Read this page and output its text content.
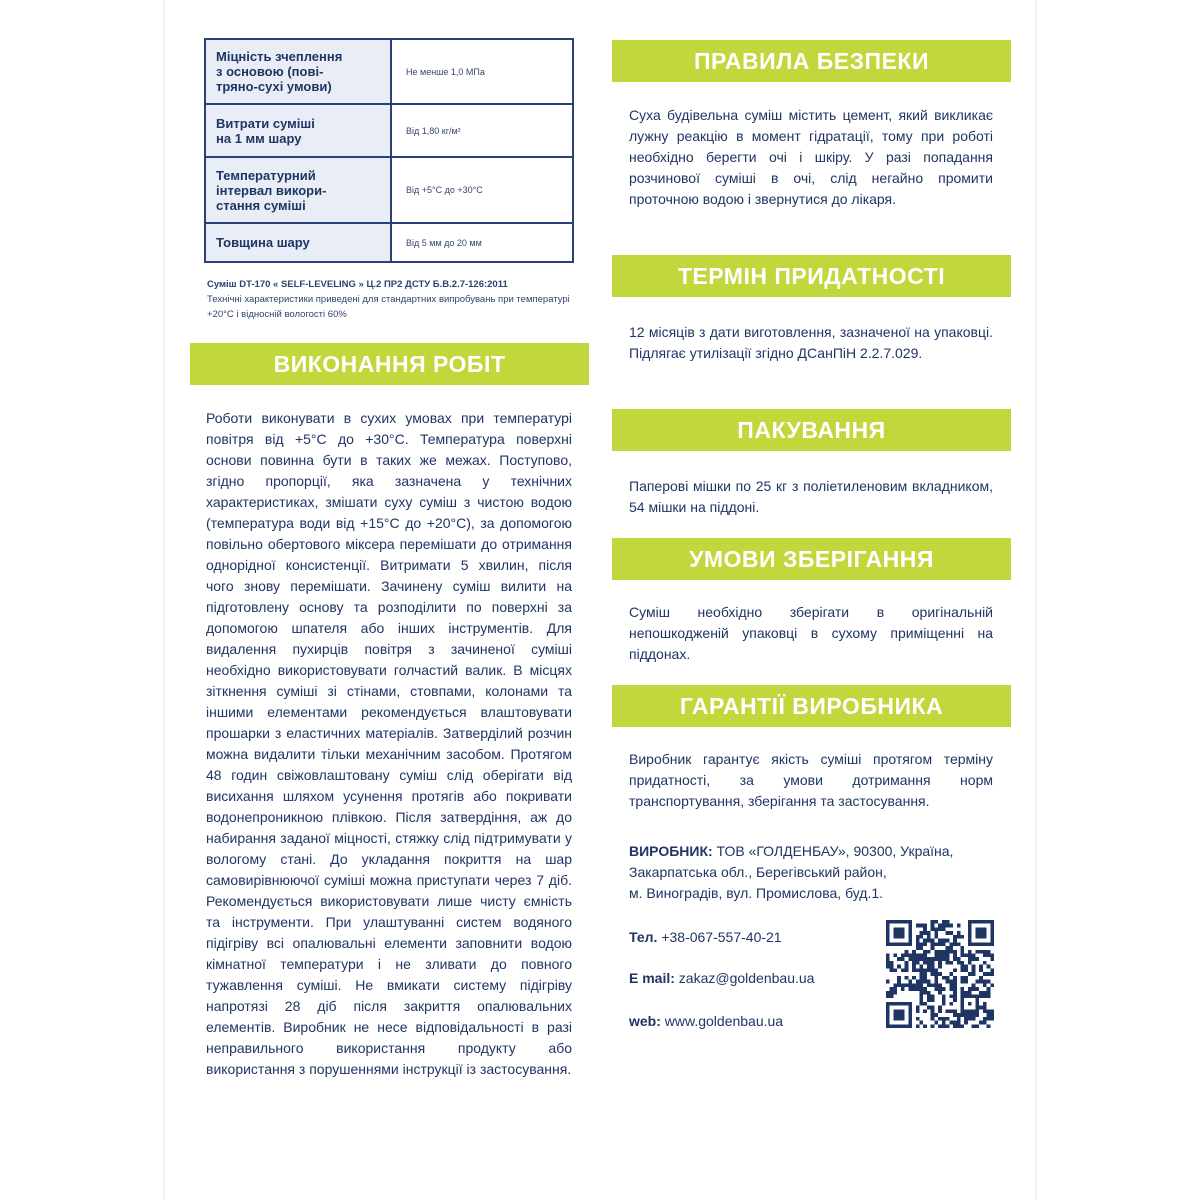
Міцність зчеплення
з основою (пові-
тряно-сухі умови)	Не менше 1,0 МПа
Витрати суміші
на 1 мм шару	Від 1,80 кг/м²
Температурний
інтервал викори-
стання суміші	Від +5°С до +30°С
Товщина шару	Від 5 мм до 20 мм
Суміш DT-170 « SELF-LEVELING » Ц.2 ПР2 ДСТУ Б.В.2.7-126:2011
Технічні характеристики приведені для стандартних випробувань при температурі +20°С і відносній вологості 60%
ВИКОНАННЯ РОБІТ
Роботи виконувати в сухих умовах при температурі повітря від +5°С до +30°С. Температура поверхні основи повинна бути в таких же межах. Поступово, згідно пропорції, яка зазначена у технічних характеристиках, змішати суху суміш з чистою водою (температура води від +15°С до +20°С), за допомогою повільно обертового міксера перемішати до отримання однорідної консистенції. Витримати 5 хвилин, після чого знову перемішати. Зачинену суміш вилити на підготовлену основу та розподілити по поверхні за допомогою шпателя або інших інструментів. Для видалення пухирців повітря з зачиненої суміші необхідно використовувати голчастий валик. В місцях зіткнення суміші зі стінами, стовпами, колонами та іншими елементами рекомендується влаштовувати прошарки з еластичних матеріалів. Затверділий розчин можна видалити тільки механічним засобом. Протягом 48 годин свіжовлаштовану суміш слід оберігати від висихання шляхом усунення протягів або покривати водонепроникною плівкою. Після затвердіння, аж до набирання заданої міцності, стяжку слід підтримувати у вологому стані. До укладання покриття на шар самовирівнюючої суміші можна приступати через 7 діб. Рекомендується використовувати лише чисту ємність та інструменти. При улаштуванні систем водяного підігріву всі опалювальні елементи заповнити водою кімнатної температури і не зливати до повного тужавлення суміші. Не вмикати систему підігріву напротязі 28 діб після закриття опалювальних елементів. Виробник не несе відповідальності в разі неправильного використання продукту або використання з порушеннями інструкції із застосування.
ПРАВИЛА БЕЗПЕКИ
Суха будівельна суміш містить цемент, який викликає лужну реакцію в момент гідратації, тому при роботі необхідно берегти очі і шкіру. У разі попадання розчинової суміші в очі, слід негайно промити проточною водою і звернутися до лікаря.
ТЕРМІН ПРИДАТНОСТІ
12 місяців з дати виготовлення, зазначеної на упаковці. Підлягає утилізації згідно ДСанПіН 2.2.7.029.
ПАКУВАННЯ
Паперові мішки по 25 кг з поліетиленовим вкладником, 54 мішки на піддоні.
УМОВИ ЗБЕРІГАННЯ
Суміш необхідно зберігати в оригінальній непошкодженій упаковці в сухому приміщенні на піддонах.
ГАРАНТІЇ ВИРОБНИКА
Виробник гарантує якість суміші протягом терміну придатності, за умови дотримання норм транспортування, зберігання та застосування.
ВИРОБНИК: ТОВ «ГОЛДЕНБАУ», 90300, Україна,
Закарпатська обл., Берегівський район,
м. Виноградів, вул. Промислова, буд.1.
Тел. +38-067-557-40-21
E mail: zakaz@goldenbau.ua
web: www.goldenbau.ua
